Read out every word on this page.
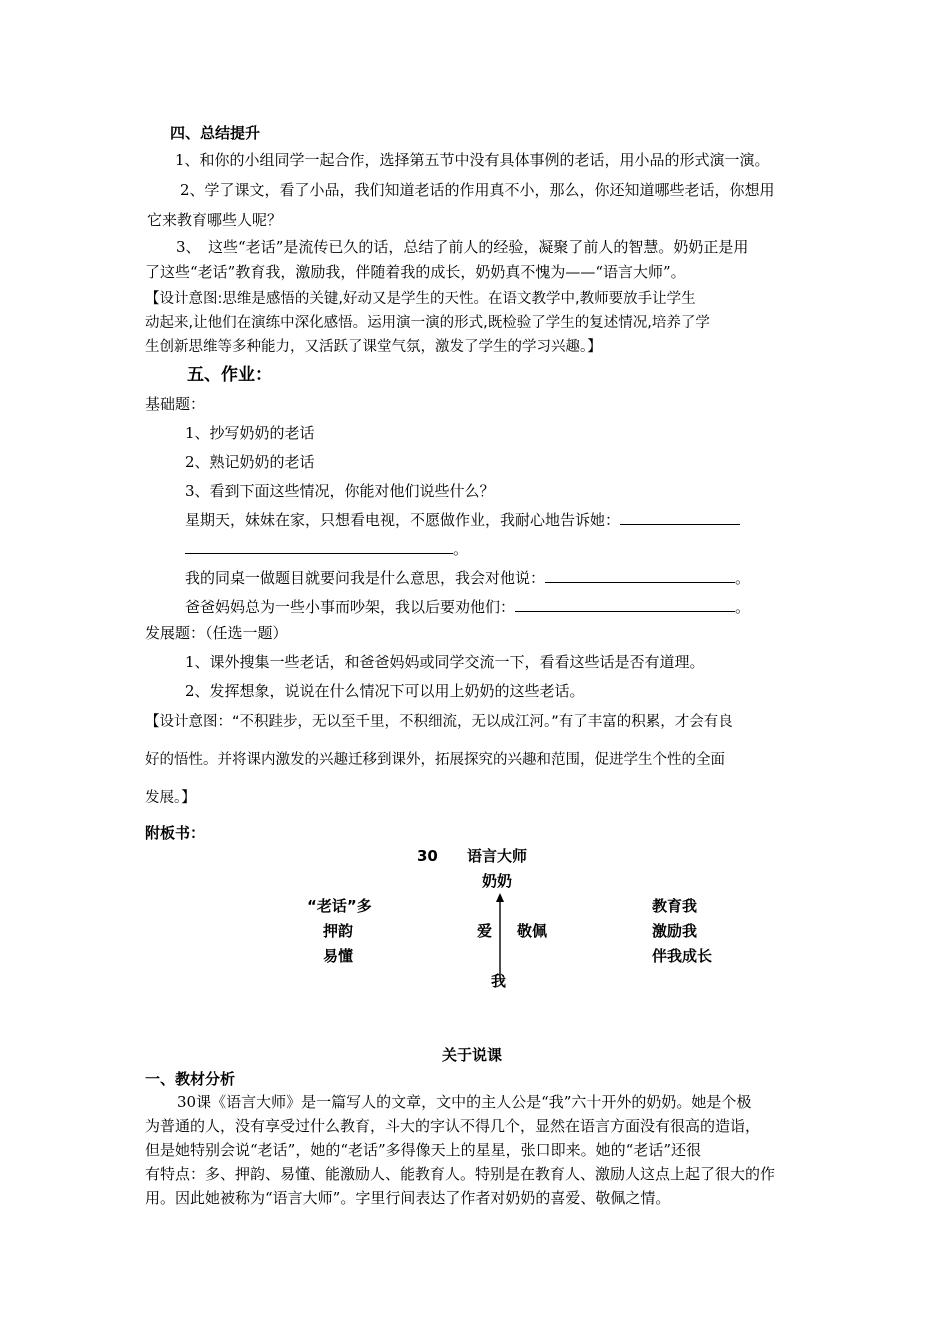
四、总结提升
1、和你的小组同学一起合作，选择第五节中没有具体事例的老话，用小品的形式演一演。
2、学了课文，看了小品，我们知道老话的作用真不小，那么，你还知道哪些老话，你想用
它来教育哪些人呢？
3、　这些“老话”是流传已久的话，总结了前人的经验，凝聚了前人的智慧。奶奶正是用
了这些“老话”教育我，激励我，伴随着我的成长，奶奶真不愧为——“语言大师”。
【设计意图:思维是感悟的关键,好动又是学生的天性。在语文教学中,教师要放手让学生
动起来,让他们在演练中深化感悟。运用演一演的形式,既检验了学生的复述情况,培养了学
生创新思维等多种能力，又活跃了课堂气氛，激发了学生的学习兴趣。】
五、作业：
基础题：
1、抄写奶奶的老话
2、熟记奶奶的老话
3、看到下面这些情况，你能对他们说些什么？
星期天，妹妹在家，只想看电视，不愿做作业，我耐心地告诉她：
。
我的同桌一做题目就要问我是什么意思，我会对他说：	。
爸爸妈妈总为一些小事而吵架，我以后要劝他们：	。
发展题：（任选一题）
1、课外搜集一些老话，和爸爸妈妈或同学交流一下，看看这些话是否有道理。
2、发挥想象，说说在什么情况下可以用上奶奶的这些老话。
【设计意图：“不积跬步，无以至千里，不积细流，无以成江河。”有了丰富的积累，才会有良
好的悟性。并将课内激发的兴趣迁移到课外，拓展探究的兴趣和范围，促进学生个性的全面
发展。】
附板书：
30 语言大师
奶奶
“老话”多
押韵
易懂
爱 敬佩
我
教育我
激励我
伴我成长
关于说课
一、教材分析
30课《语言大师》是一篇写人的文章，文中的主人公是“我”六十开外的奶奶。她是个极
为普通的人，没有享受过什么教育，斗大的字认不得几个，显然在语言方面没有很高的造诣，
但是她特别会说“老话”，她的“老话”多得像天上的星星，张口即来。她的“老话”还很
有特点：多、押韵、易懂、能激励人、能教育人。特别是在教育人、激励人这点上起了很大的作
用。因此她被称为“语言大师”。字里行间表达了作者对奶奶的喜爱、敬佩之情。
